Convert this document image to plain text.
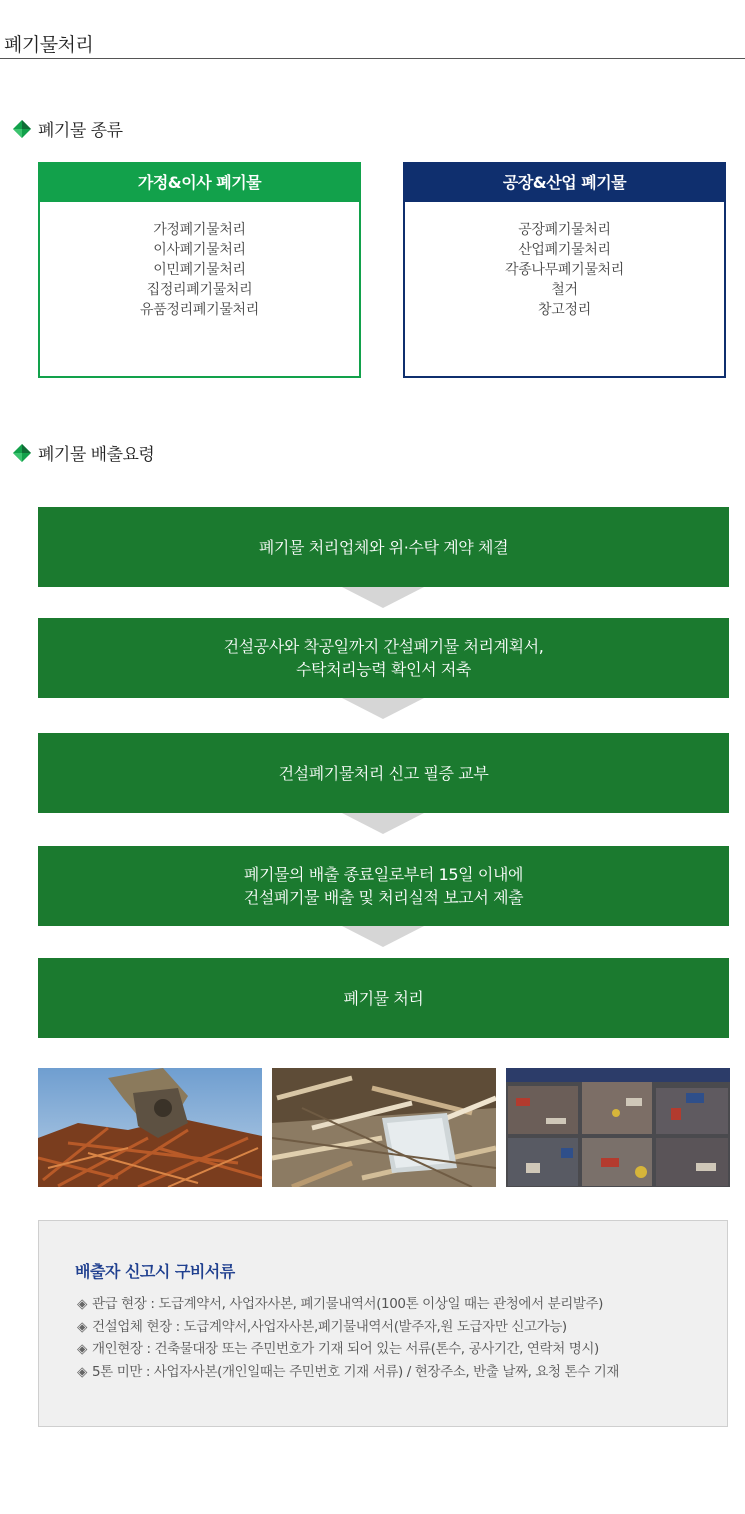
폐기물처리
폐기물 종류
가정&이사 폐기물
가정폐기물처리
이사폐기물처리
이민폐기물처리
집정리폐기물처리
유품정리폐기물처리
공장&산업 폐기물
공장폐기물처리
산업폐기물처리
각종나무폐기물처리
철거
창고정리
폐기물 배출요령
폐기물 처리업체와 위·수탁 계약 체결
건설공사와 착공일까지 간설폐기물 처리계획서,
수탁처리능력 확인서 저축
건설폐기물처리 신고 필증 교부
폐기물의 배출 종료일로부터 15일 이내에
건설폐기물 배출 및 처리실적 보고서 제출
폐기물 처리
배출자 신고시 구비서류
◈ 관급 현장 : 도급계약서, 사업자사본, 폐기물내역서(100톤 이상일 때는 관청에서 분리발주)
◈ 건설업체 현장 : 도급계약서,사업자사본,폐기물내역서(발주자,원 도급자만 신고가능)
◈ 개인현장 : 건축물대장 또는 주민번호가 기재 되어 있는 서류(톤수, 공사기간, 연락처 명시)
◈ 5톤 미만 : 사업자사본(개인일때는 주민번호 기재 서류) / 현장주소, 반출 날짜, 요청 톤수 기재
